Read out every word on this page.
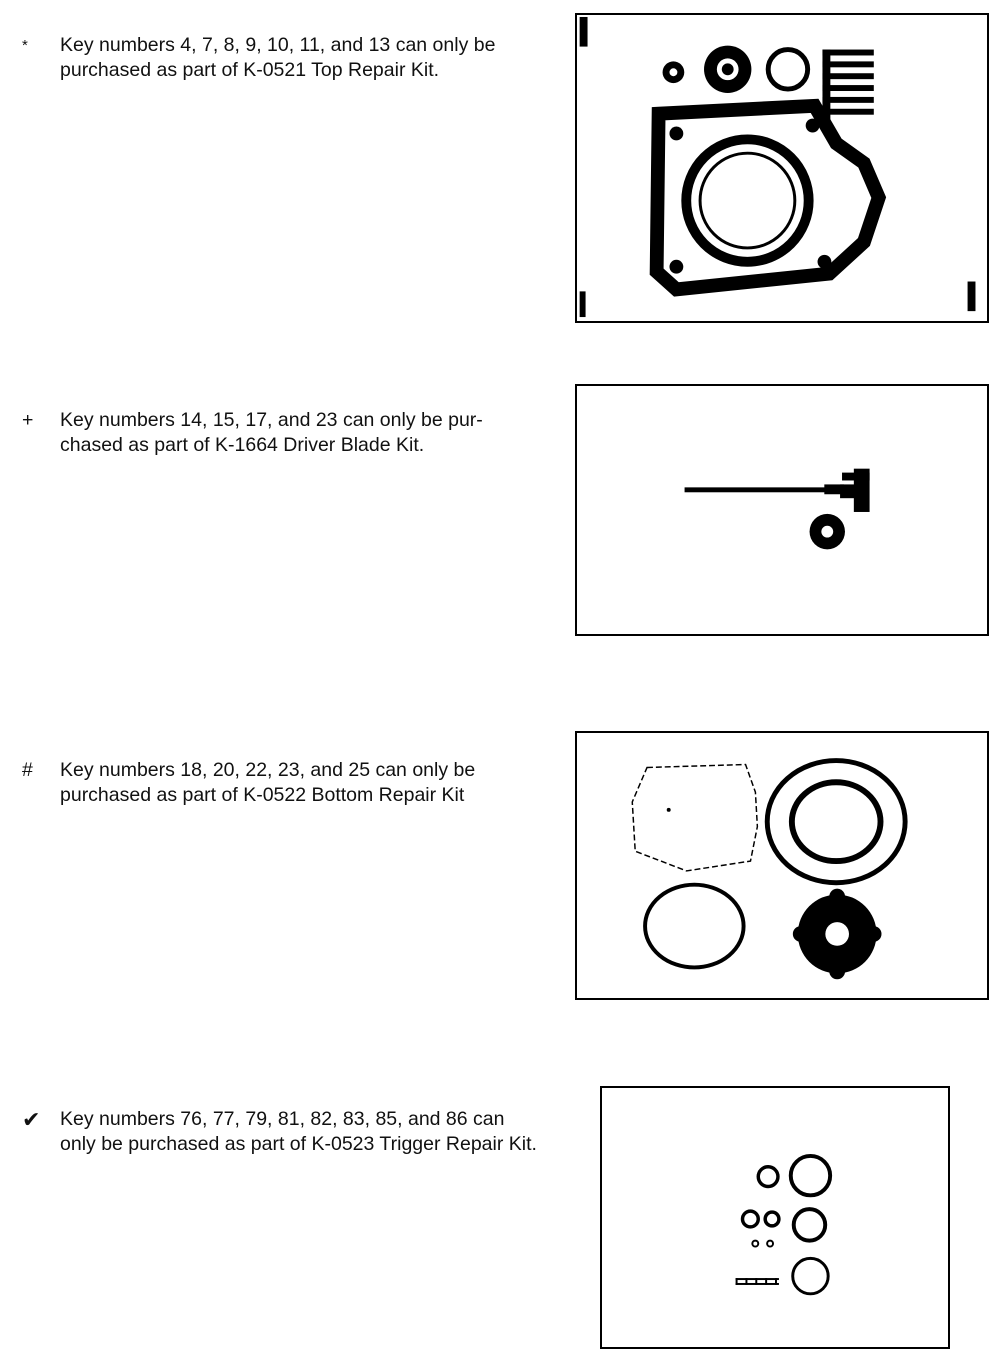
*	Key numbers 4, 7, 8, 9, 10, 11, and 13 can only be purchased as part of K-0521 Top Repair Kit.
+	Key numbers 14, 15, 17, and 23 can only be pur-chased as part of K-1664 Driver Blade Kit.
#	Key numbers 18, 20, 22, 23, and 25 can only be purchased as part of K-0522 Bottom Repair Kit
✔	Key numbers 76, 77, 79, 81, 82, 83, 85, and 86 can only be purchased as part of K-0523 Trigger Repair Kit.
